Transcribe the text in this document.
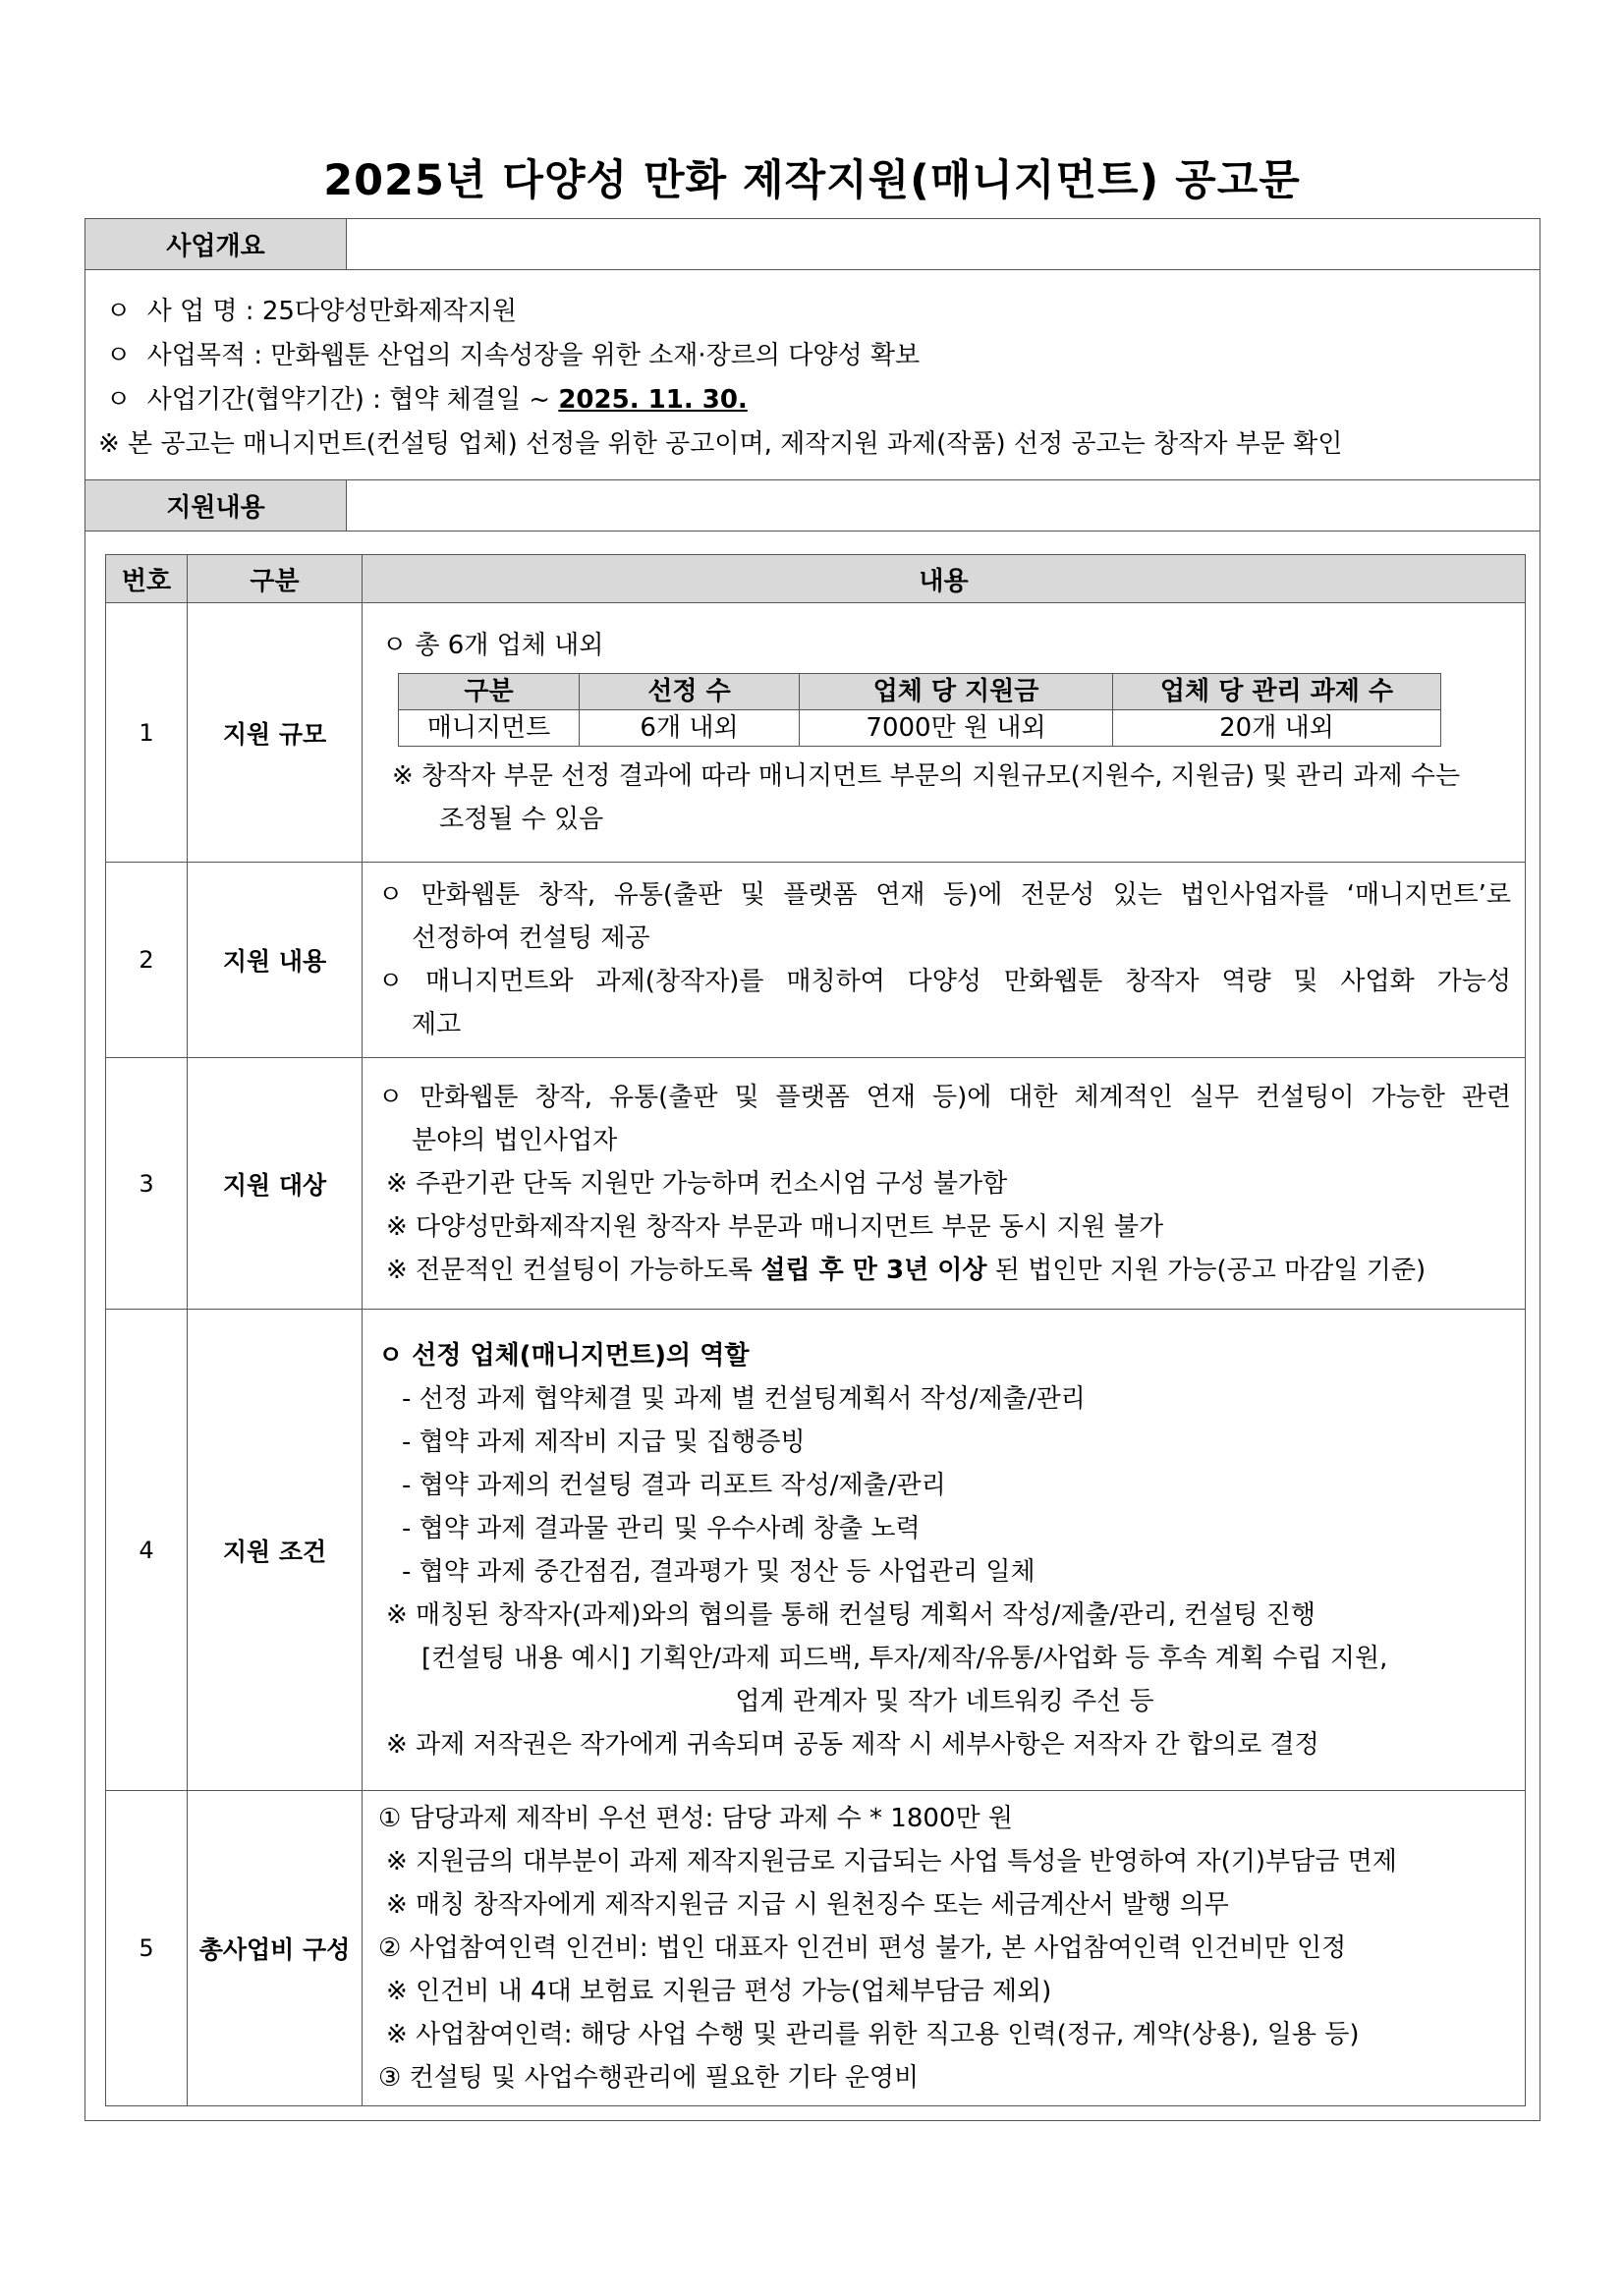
2025년 다양성 만화 제작지원(매니지먼트) 공고문
사업개요
ㅇ 사 업 명 : 25다양성만화제작지원
ㅇ 사업목적 : 만화웹툰 산업의 지속성장을 위한 소재·장르의 다양성 확보
ㅇ 사업기간(협약기간) : 협약 체결일 ~ 2025. 11. 30.
※ 본 공고는 매니지먼트(컨설팅 업체) 선정을 위한 공고이며, 제작지원 과제(작품) 선정 공고는 창작자 부문 확인
지원내용
번호	구분	내용
1	지원 규모	
ㅇ 총 6개 업체 내외
구분	선정 수	업체 당 지원금	업체 당 관리 과제 수
매니지먼트	6개 내외	7000만 원 내외	20개 내외
※ 창작자 부문 선정 결과에 따라 매니지먼트 부문의 지원규모(지원수, 지원금) 및 관리 과제 수는
조정될 수 있음

2	지원 내용	
ㅇ 만화웹툰 창작, 유통(출판 및 플랫폼 연재 등)에 전문성 있는 법인사업자를 ‘매니지먼트’로
선정하여 컨설팅 제공
ㅇ 매니지먼트와 과제(창작자)를 매칭하여 다양성 만화웹툰 창작자 역량 및 사업화 가능성
제고

3	지원 대상	
ㅇ 만화웹툰 창작, 유통(출판 및 플랫폼 연재 등)에 대한 체계적인 실무 컨설팅이 가능한 관련
분야의 법인사업자
※ 주관기관 단독 지원만 가능하며 컨소시엄 구성 불가함
※ 다양성만화제작지원 창작자 부문과 매니지먼트 부문 동시 지원 불가
※ 전문적인 컨설팅이 가능하도록 설립 후 만 3년 이상 된 법인만 지원 가능(공고 마감일 기준)

4	지원 조건	
ㅇ 선정 업체(매니지먼트)의 역할
- 선정 과제 협약체결 및 과제 별 컨설팅계획서 작성/제출/관리
- 협약 과제 제작비 지급 및 집행증빙
- 협약 과제의 컨설팅 결과 리포트 작성/제출/관리
- 협약 과제 결과물 관리 및 우수사례 창출 노력
- 협약 과제 중간점검, 결과평가 및 정산 등 사업관리 일체
※ 매칭된 창작자(과제)와의 협의를 통해 컨설팅 계획서 작성/제출/관리, 컨설팅 진행
[컨설팅 내용 예시] 기획안/과제 피드백, 투자/제작/유통/사업화 등 후속 계획 수립 지원,
업계 관계자 및 작가 네트워킹 주선 등
※ 과제 저작권은 작가에게 귀속되며 공동 제작 시 세부사항은 저작자 간 합의로 결정

5	총사업비 구성	
① 담당과제 제작비 우선 편성: 담당 과제 수 * 1800만 원
※ 지원금의 대부분이 과제 제작지원금로 지급되는 사업 특성을 반영하여 자(기)부담금 면제
※ 매칭 창작자에게 제작지원금 지급 시 원천징수 또는 세금계산서 발행 의무
② 사업참여인력 인건비: 법인 대표자 인건비 편성 불가, 본 사업참여인력 인건비만 인정
※ 인건비 내 4대 보험료 지원금 편성 가능(업체부담금 제외)
※ 사업참여인력: 해당 사업 수행 및 관리를 위한 직고용 인력(정규, 계약(상용), 일용 등)
③ 컨설팅 및 사업수행관리에 필요한 기타 운영비
